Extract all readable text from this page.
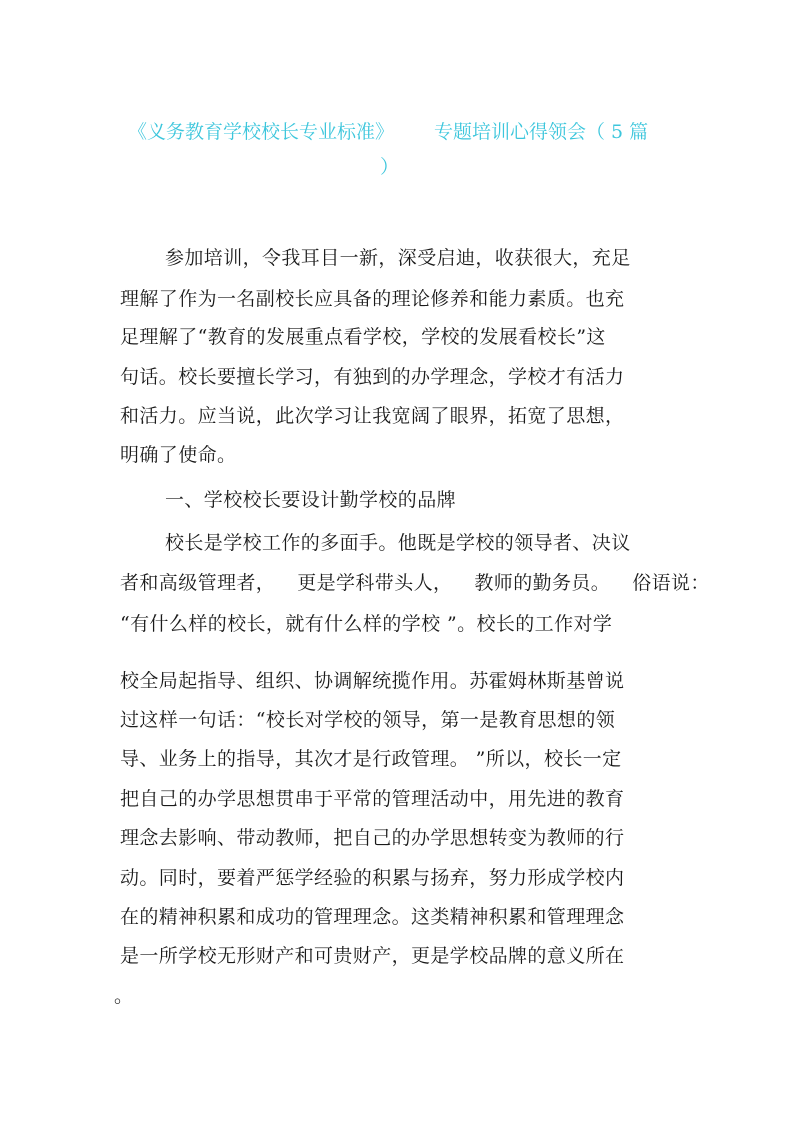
《义务教育学校校长专业标准》 专题培训心得领会（ 5 篇
）
参加培训，令我耳目一新，深受启迪，收获很大，充足
理解了作为一名副校长应具备的理论修养和能力素质。也充
足理解了“教育的发展重点看学校，学校的发展看校长”这
句话。校长要擅长学习，有独到的办学理念，学校才有活力
和活力。应当说，此次学习让我宽阔了眼界，拓宽了思想，
明确了使命。
一、学校校长要设计勤学校的品牌
校长是学校工作的多面手。他既是学校的领导者、决议
者和高级管理者， 更是学科带头人， 教师的勤务员。 俗语说：
“有什么样的校长，就有什么样的学校 ”。校长的工作对学
校全局起指导、组织、协调解统揽作用。苏霍姆林斯基曾说
过这样一句话：“校长对学校的领导，第一是教育思想的领
导、业务上的指导，其次才是行政管理。 ”所以，校长一定
把自己的办学思想贯串于平常的管理活动中，用先进的教育
理念去影响、带动教师，把自己的办学思想转变为教师的行
动。同时，要着严惩学经验的积累与扬弃，努力形成学校内
在的精神积累和成功的管理理念。这类精神积累和管理理念
是一所学校无形财产和可贵财产，更是学校品牌的意义所在
。
